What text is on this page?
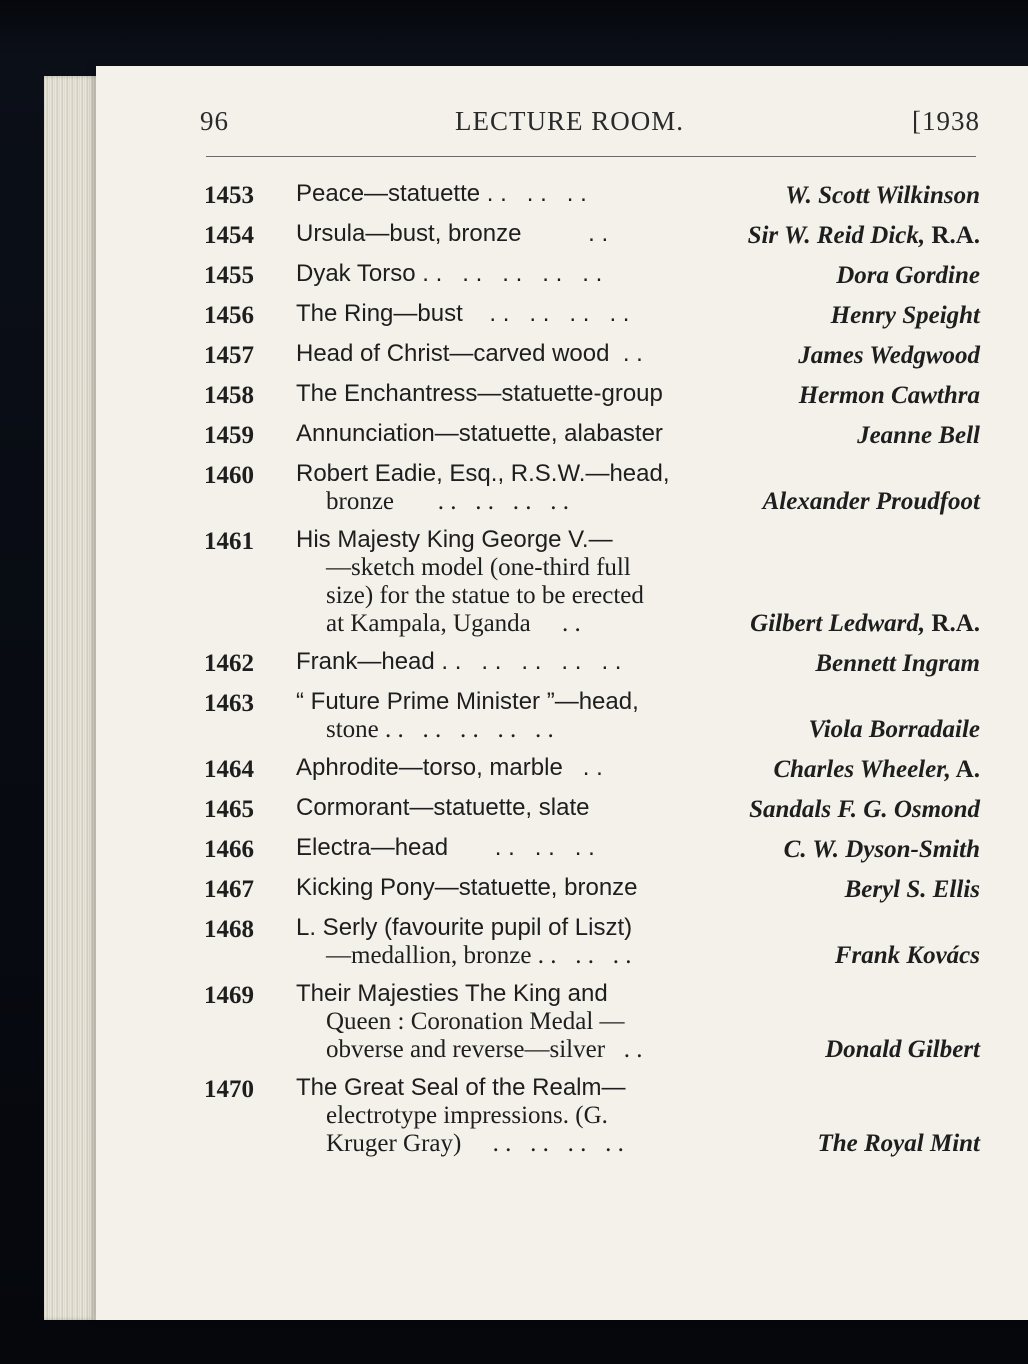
96	LECTURE ROOM.	[1938
1453	Peace—statuette . .   . .   . .	W. Scott Wilkinson
1454	Ursula—bust, bronze          . .	Sir W. Reid Dick, R.A.
1455	Dyak Torso . .   . .   . .   . .   . .	Dora Gordine
1456	The Ring—bust    . .   . .   . .   . .	Henry Speight
1457	Head of Christ—carved wood  . .	James Wedgwood
1458	The Enchantress—statuette-group	Hermon Cawthra
1459	Annunciation—statuette, alabaster	Jeanne Bell
1460	Robert Eadie, Esq., R.S.W.—head,
bronze       . .   . .   . .   . .	Alexander Proudfoot
1461	His Majesty King George V.—
—sketch model (one-third full
size) for the statue to be erected
at Kampala, Uganda     . .	Gilbert Ledward, R.A.
1462	Frank—head . .   . .   . .   . .   . .	Bennett Ingram
1463	“ Future Prime Minister ”—head,
stone . .   . .   . .   . .   . .	Viola Borradaile
1464	Aphrodite—torso, marble   . .	Charles Wheeler, A.
1465	Cormorant—statuette, slate	Sandals F. G. Osmond
1466	Electra—head       . .   . .   . .	C. W. Dyson-Smith
1467	Kicking Pony—statuette, bronze	Beryl S. Ellis
1468	L. Serly (favourite pupil of Liszt)
—medallion, bronze . .   . .   . .	Frank Kovács
1469	Their Majesties The King and
Queen : Coronation Medal —
obverse and reverse—silver   . .	Donald Gilbert
1470	The Great Seal of the Realm—
electrotype impressions. (G.
Kruger Gray)     . .   . .   . .   . .	The Royal Mint
